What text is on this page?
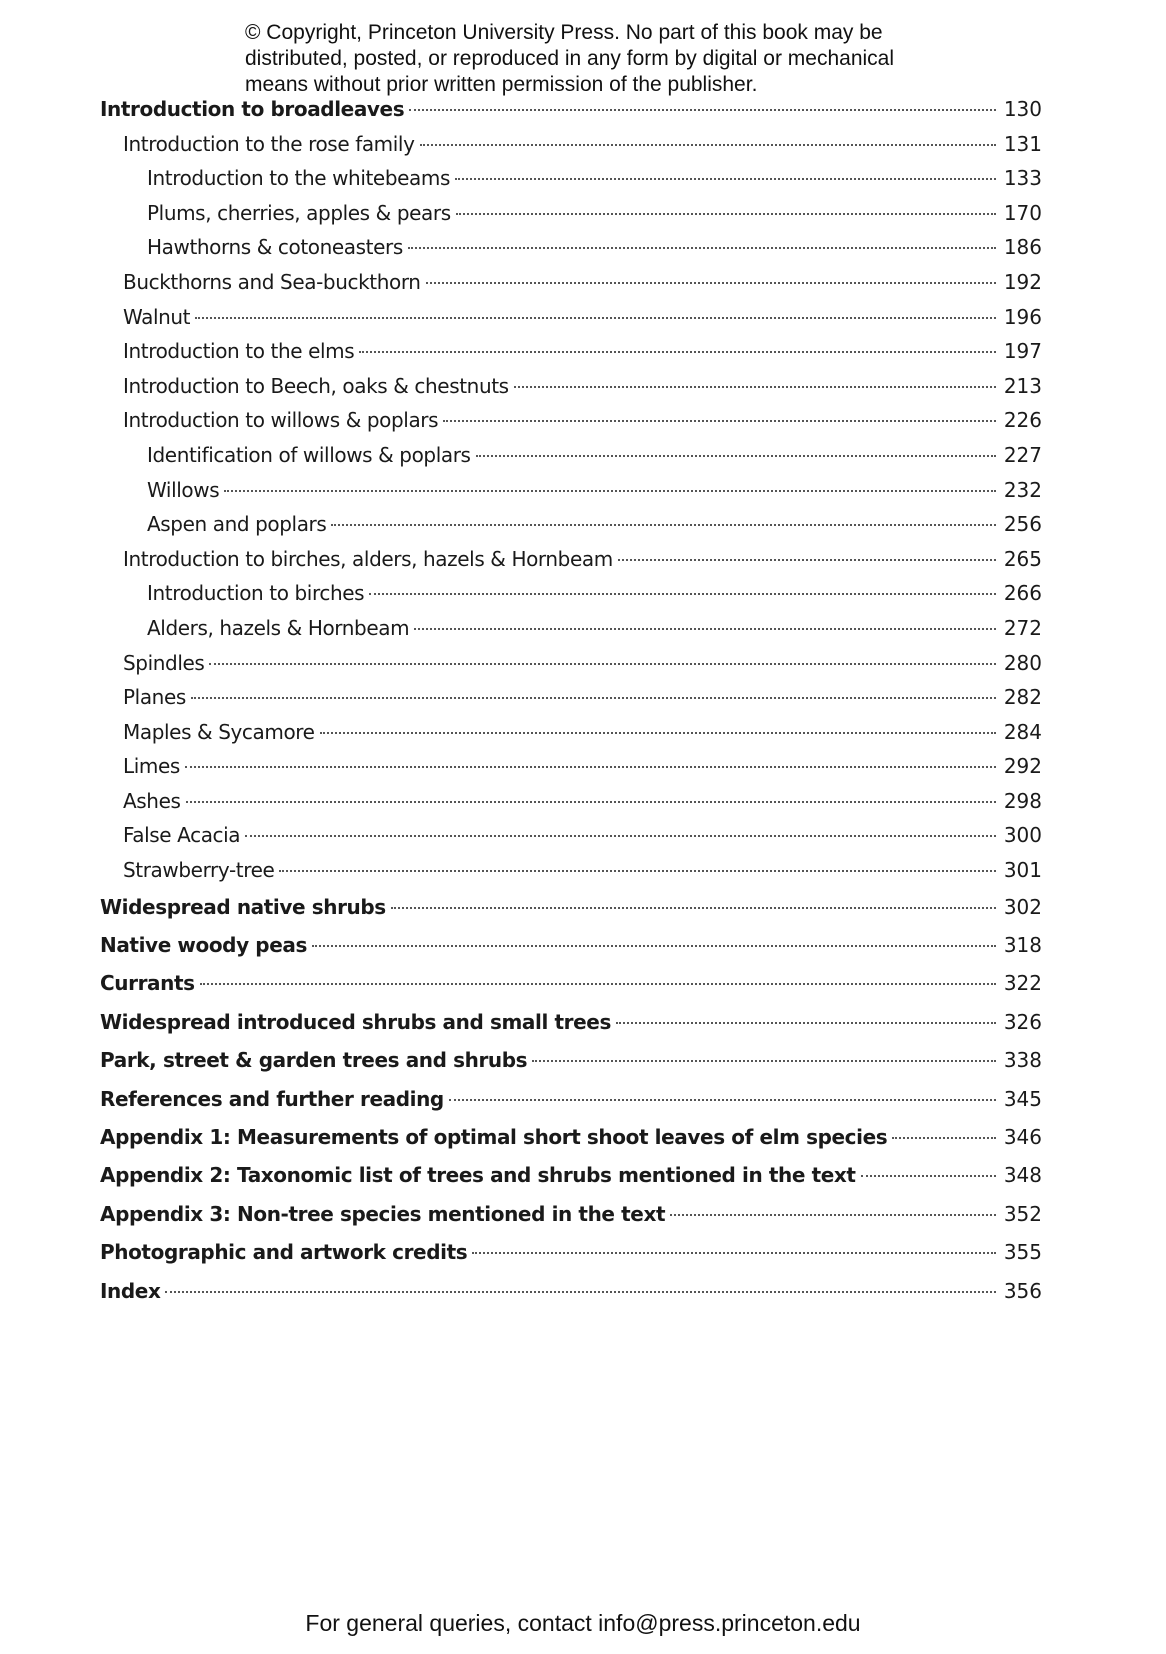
© Copyright, Princeton University Press. No part of this book may be
distributed, posted, or reproduced in any form by digital or mechanical
means without prior written permission of the publisher.
Introduction to broadleaves	130
Introduction to the rose family	131
Introduction to the whitebeams	133
Plums, cherries, apples & pears	170
Hawthorns & cotoneasters	186
Buckthorns and Sea-buckthorn	192
Walnut	196
Introduction to the elms	197
Introduction to Beech, oaks & chestnuts	213
Introduction to willows & poplars	226
Identification of willows & poplars	227
Willows	232
Aspen and poplars	256
Introduction to birches, alders, hazels & Hornbeam	265
Introduction to birches	266
Alders, hazels & Hornbeam	272
Spindles	280
Planes	282
Maples & Sycamore	284
Limes	292
Ashes	298
False Acacia	300
Strawberry-tree	301
Widespread native shrubs	302
Native woody peas	318
Currants	322
Widespread introduced shrubs and small trees	326
Park, street & garden trees and shrubs	338
References and further reading	345
Appendix 1: Measurements of optimal short shoot leaves of elm species	346
Appendix 2: Taxonomic list of trees and shrubs mentioned in the text	348
Appendix 3: Non-tree species mentioned in the text	352
Photographic and artwork credits	355
Index	356
For general queries, contact info@press.princeton.edu
